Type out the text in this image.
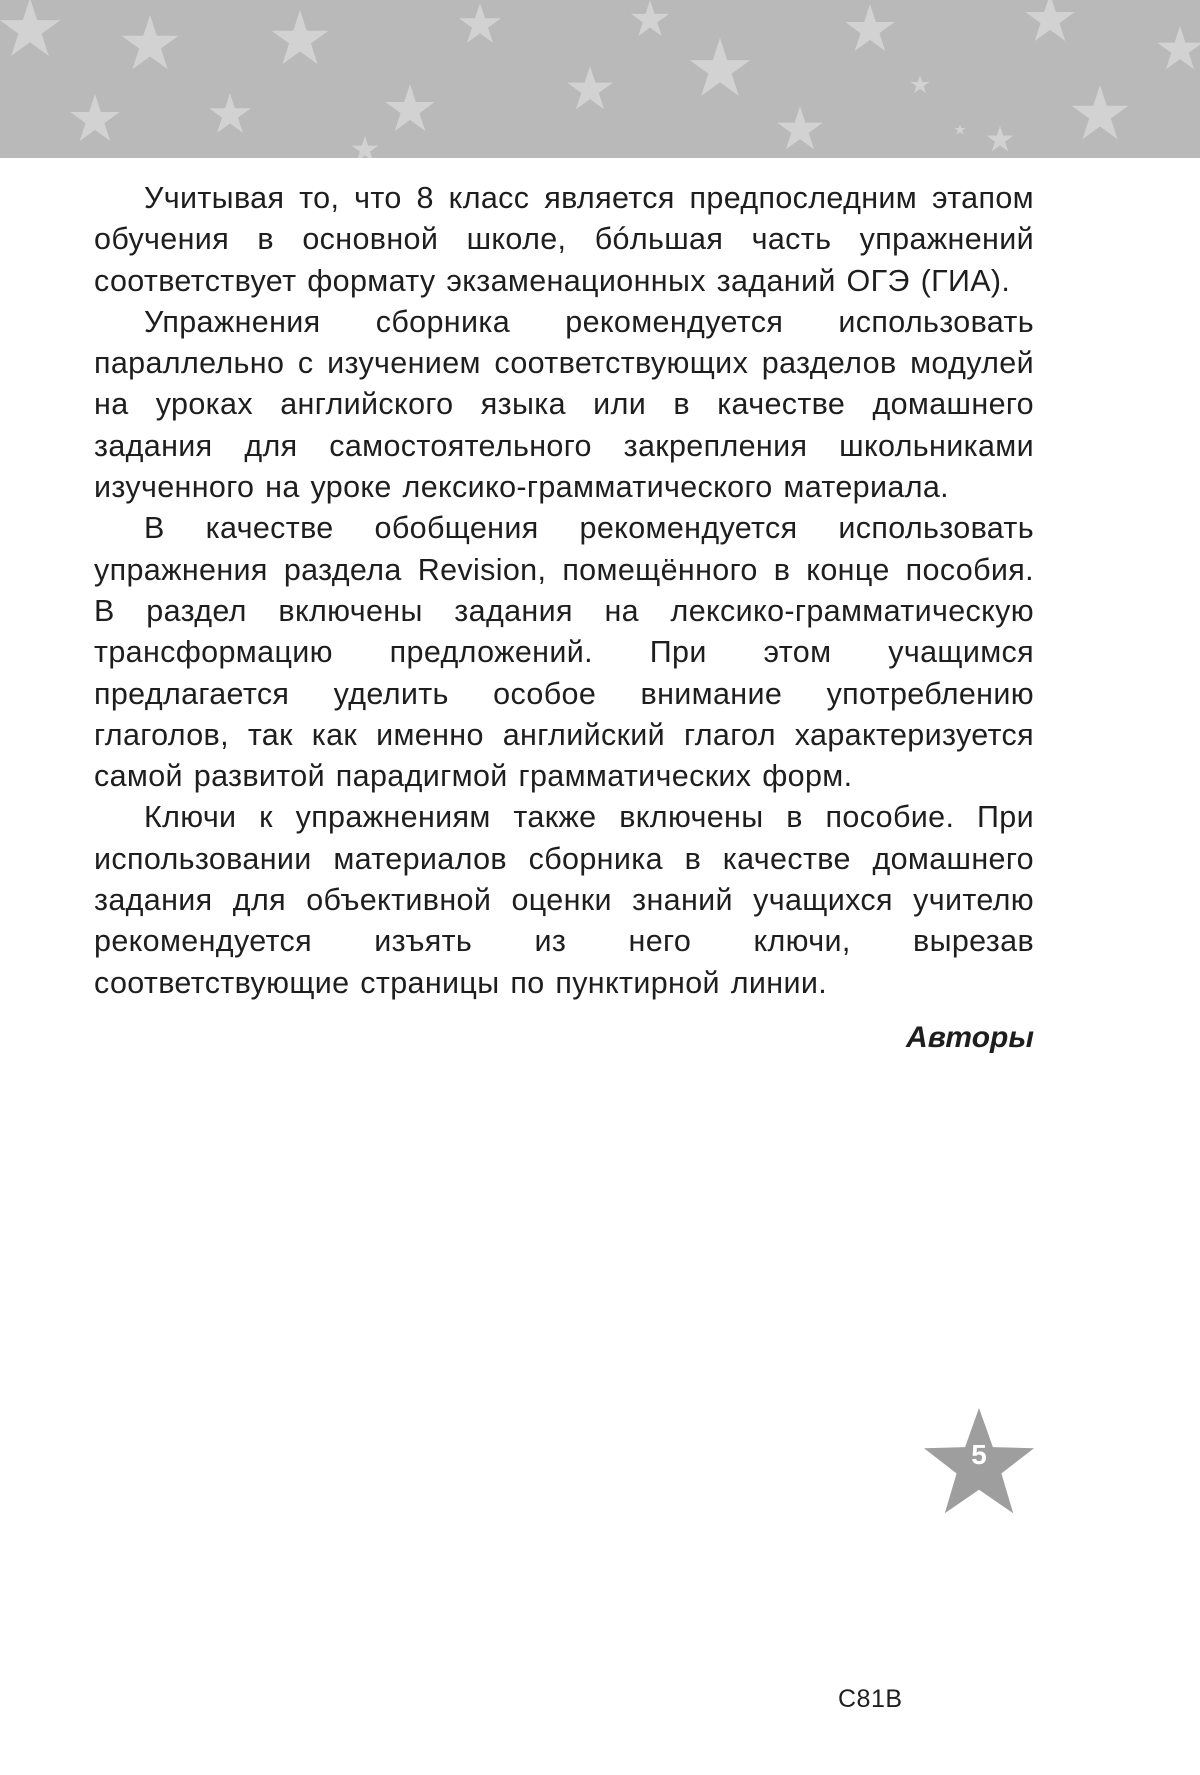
Учитывая то, что 8 класс является предпоследним этапом обучения в основной школе, бóльшая часть упражнений соответствует формату экзаменационных заданий ОГЭ (ГИА).

Упражнения сборника рекомендуется использовать параллельно с изучением соответствующих разделов модулей на уроках английского языка или в качестве домашнего задания для самостоятельного закрепления школьниками изученного на уроке лексико-грамматического материала.

В качестве обобщения рекомендуется использовать упражнения раздела Revision, помещённого в конце пособия. В раздел включены задания на лексико-грамматическую трансформацию предложений. При этом учащимся предлагается уделить особое внимание употреблению глаголов, так как именно английский глагол характеризуется самой развитой парадигмой грамматических форм.

Ключи к упражнениям также включены в пособие. При использовании материалов сборника в качестве домашнего задания для объективной оценки знаний учащихся учителю рекомендуется изъять из него ключи, вырезав соответствующие страницы по пунктирной линии.

Авторы

5
С81В
